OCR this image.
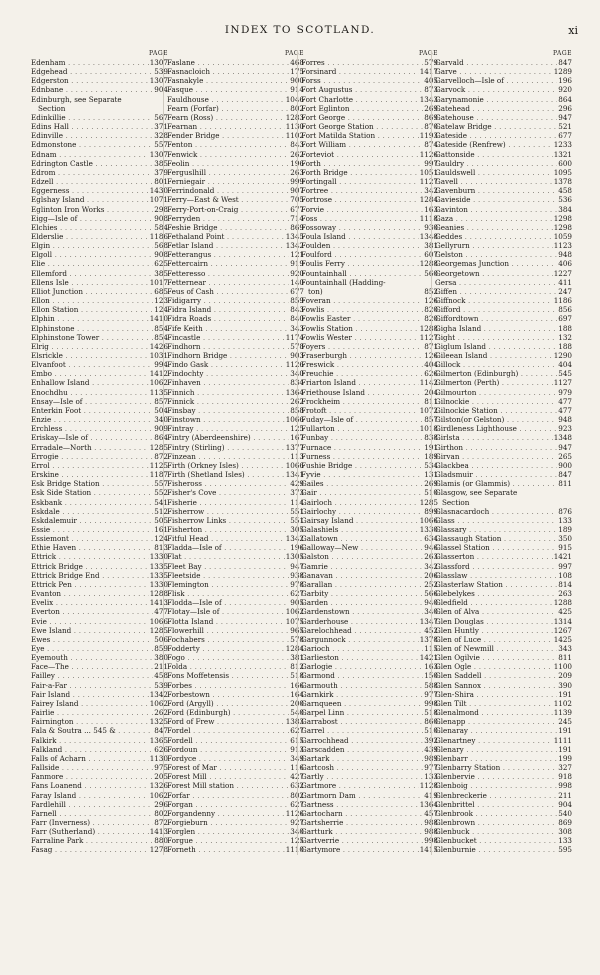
INDEX TO SCOTLAND.	xi
PAGE
Edenham . . .	1307
Edgehead . . .	539
Edgerston . . .	1307
Ednbane . . .	904
Edinburgh, see Separate
Section
Edinkillie . . .	567
Edins Hall . . .	371
Edinville . . .	328
Edmonstone . . .	557
Ednam . . .	1307
Edrington Castle . . .	385
Edrom . . .	379
Edzell . . .	801
Eggerness . . .	1430
Eglshay Island . . .	1071
Eglinton Iron Works . . .	298
Eigg—Isle of . . .	908
Elchies . . .	584
Elderslie . . .	1186
Elgin . . .	568
Elgoll . . .	908
Elie . . .	625
Ellemford . . .	385
Ellens Isle . . .	1017
Elliot Junction . . .	685
Ellon . . .	123
Ellon Station . . .	124
Elphin . . .	1410
Elphinstone . . .	854
Elphinstone Tower . . .	854
Elrig . . .	1426
Elsrickle . . .	1031
Elvanfoot . . .	994
Embo . . .	1412
Enhallow Island . . .	1062
Enochdhu . . .	1135
Ensay—Isle of . . .	857
Enterkin Foot . . .	504
Enzie . . .	340
Erchless . . .	909
Eriskay—Isle of . . .	864
Erradale—North . . .	1285
Errogie . . .	872
Errol . . .	1125
Erskine . . .	1187
Esk Bridge Station . . .	557
Esk Side Station . . .	552
Eskbank . . .	541
Eskdale . . .	512
Eskdalemuir . . .	505
Essie . . .	161
Essiemont . . .	124
Ethie Haven . . .	813
Ettrick . . .	1330
Ettrick Bridge . . .	1335
Ettrick Bridge End . . .	1335
Ettrick Pen . . .	1330
Evanton . . .	1288
Evelix . . .	1413
Everton . . .	477
Evie . . .	1066
Ewe Island . . .	1285
Ewes . . .	506
Eye . . .	859
Eyemouth . . .	380
Face—The . . .	211
Failley . . .	458
Fair-a-Far . . .	539
Fair Island . . .	1342
Fairey Island . . .	1062
Fairlie . . .	262
Fairnington . . .	1325
Fala & Soutra ... 545 & . . .	847
Falkirk . . .	1365
Falkland . . .	626
Falls of Acharn . . .	1130
Fallside . . .	975
Fanmore . . .	205
Fans Loanend . . .	1326
Faray Island . . .	1062
Fardlehill . . .	296
Farnell . . .	802
Farr (Inverness) . . .	872
Farr (Sutherland) . . .	1413
Farraline Park . . .	880
Fasag . . .	1278
PAGE
Faslane . . .	468
Fasnacloich . . .	175
Fasnakyle . . .	900
Fasque . . .	914
Fauldhouse . . .	1046
Fearn (Forfar) . . .	802
Fearn (Ross) . . .	1283
Fearnan . . .	1130
Fender Bridge . . .	1102
Fenton . . .	843
Fenwick . . .	262
Feolin . . .	196
Ferguslhill . . .	263
Ferniegair . . .	999
Ferrindonald . . .	907
Ferry—East & West . . .	705
Ferry-Port-on-Craig . . .	677
Ferryden . . .	714
Feshie Bridge . . .	869
Fethaland Point . . .	1345
Fetlar Island . . .	1342
Fetterangus . . .	121
Fettercairn . . .	919
Fetteresso . . .	920
Fetternear . . .	140
Feus of Cash . . .	677
Fidigarry . . .	859
Fidra Island . . .	843
Fidra Roads . . .	840
Fife Keith . . .	343
Fincastle . . .	1174
Findhorn . . .	578
Findhorn Bridge . . .	903
Findo Gask . . .	1126
Findochty . . .	340
Finhaven . . .	834
Finnich . . .	1364
Finnick . . .	262
Finsbay . . .	858
Finstown . . .	1066
Fintray . . .	125
Fintry (Aberdeenshire) . . .	167
Fintry (Stirling) . . .	1377
Finzean . . .	113
Firth (Orkney Isles) . . .	1066
Firth (Shetland Isles) . . .	1341
Fisheross . . .	429
Fisher's Cove . . .	373
Fisherie . . .	114
Fisherrow . . .	551
Fisherrow Links . . .	551
Fisherton . . .	305
Fitful Head . . .	1342
Fladda—Isle of . . .	196
Flat . . .	1305
Fleet Bay . . .	947
Fleetside . . .	938
Flemington . . .	978
Flisk . . .	627
Flodda—Isle of . . .	905
Flotay—Isle of . . .	1062
Flotta Island . . .	1075
Flowerhill . . .	965
Fochabers . . .	578
Fodderty . . .	1284
Fogo . . .	381
Folda . . .	812
Fons Moffetensis . . .	518
Forbes . . .	166
Forbestown . . .	164
Ford (Argyll) . . .	200
Ford (Edinburgh) . . .	540
Ford of Frew . . .	1383
Fordel . . .	627
Fordell . . .	615
Fordoun . . .	913
Fordyce . . .	349
Forest of Mar . . .	116
Forest Mill . . .	427
Forest Mill station . . .	632
Forfar . . .	802
Forgan . . .	627
Forgandenny . . .	1126
Forgieburn . . .	927
Forglen . . .	340
Forgue . . .	125
Forneth . . .	1110
PAGE
Forres . . .	579
Forsinard . . .	1417
Forss . . .	405
Fort Augustus . . .	873
Fort Charlotte . . .	1343
Fort Eglinton . . .	269
Fort George . . .	869
Fort George Station . . .	870
Fort Matilda Station . . .	1193
Fort William . . .	874
Forteviot . . .	1126
Forth . . .	997
Forth Bridge . . .	1051
Fortingall . . .	1127
Fortree . . .	342
Fortrose . . .	1284
Forvie . . .	163
Foss . . .	1118
Fossoway . . .	930
Foula Island . . .	1348
Foulden . . .	381
Foulford . . .	607
Foulis Ferry . . .	1288
Fountainhall . . .	560
Fountainhall (Hadding-
ton)	852
Foveran . . .	126
Fowlis . . .	820
Fowlis Easter . . .	820
Fowlis Station . . .	1288
Fowlis Wester . . .	1127
Foyers . . .	871
Fraserburgh . . .	126
Freswick . . .	404
Freuchie . . .	626
Friarton Island . . .	1142
Friethouse Island . . .	204
Frockheim . . .	811
Frotoft . . .	1072
Fuday—Isle of . . .	857
Fullarton . . .	1018
Funbay . . .	838
Furnace . . .	191
Furness . . .	189
Fushie Bridge . . .	534
Fyvie . . .	131
Gailes . . .	269
Gair . . .	510
Gairloch . . .	1285
Gairlochy . . .	899
Gairsay Island . . .	1066
Galashiels . . .	1330
Gallatown . . .	634
Galloway—New . . .	946
Galston . . .	263
Gamrie . . .	342
Ganavan . . .	206
Garallan . . .	252
Garbity . . .	566
Garden . . .	940
Gardenstown . . .	340
Garderhouse . . .	1347
Garelochhead . . .	452
Gargunnock . . .	1378
Garioch . . .	115
Garlieston . . .	1421
Garlogie . . .	163
Garmond . . .	150
Garmouth . . .	588
Garnkirk . . .	977
Garnqueen . . .	998
Garpel Linn . . .	518
Garrabost . . .	860
Garrel . . .	510
Garrochhead . . .	392
Garscadden . . .	439
Gartark . . .	989
Gartcosh . . .	977
Gartly . . .	133
Gartmore . . .	1128
Gartmorn Dam . . .	419
Gartness . . .	1364
Gartocharn . . .	457
Gartsherrie . . .	988
Gartturk . . .	988
Gartverrie . . .	998
Gartymore . . .	1415
PAGE
Garvald . . .	847
Garve . . .	1289
Garvelloch—Isle of . . .	196
Garvock . . .	920
Garynamonie . . .	864
Gatehead . . .	296
Gatehouse . . .	947
Gatelaw Bridge . . .	521
Gateside . . .	677
Gateside (Renfrew) . . .	1233
Gattonside . . .	1321
Gauldry . . .	600
Gauldswell . . .	1095
Gavell . . .	1378
Gavenburn . . .	458
Gavieside . . .	536
Gavinton . . .	384
Gaza . . .	1298
Geanies . . .	1298
Geddes . . .	1059
Gellyrurn . . .	1123
Gelston . . .	948
Georgemas Junction . . .	406
Georgetown . . .	1227
Gersa . . .	411
Giffen . . .	247
Giffnock . . .	1186
Gifford . . .	856
Giffordtown . . .	697
Gigha Island . . .	188
Gight . . .	132
Giglum Island . . .	188
Gileean Island . . .	1290
Gillock . . .	404
Gilmerton (Edinburgh) . . .	545
Gilmerton (Perth) . . .	1127
Gilmourton . . .	979
Gilnockie . . .	477
Gilnockie Station . . .	477
Gilston(or Gelston) . . .	948
Girdleness Lighthouse . . .	923
Girlsta . . .	1348
Girthon . . .	947
Girvan . . .	265
Glackbea . . .	900
Gladsmuir . . .	847
Glamis (or Glammis) . . .	811
Glasgow, see Separate
Section
Glasnacardoch . . .	876
Glass . . .	133
Glassary . . .	189
Glassaugh Station . . .	350
Glassel Station . . .	915
Glasserton . . .	1421
Glassford . . .	997
Glasslaw . . .	108
Glasterlaw Station . . .	814
Glebelykes . . .	263
Gledfield . . .	1288
Glen of Alva . . .	425
Glen Douglas . . .	1314
Glen Huntly . . .	1267
Glen of Luce . . .	1425
Glen of Newmill . . .	343
Glen Ogilvie . . .	811
Glen Ogle . . .	1100
Glen Saddell . . .	209
Glen Sannox . . .	390
Glen-Shira . . .	191
Glen Tilt . . .	1102
Glenalmond . . .	1139
Glenapp . . .	245
Glenaray . . .	191
Glenartney . . .	1111
Glenary . . .	191
Glenbarr . . .	199
Glenbarry Station . . .	327
Glenbervie . . .	918
Glenboig . . .	998
Glenbreckerie . . .	211
Glenbrittel . . .	904
Glenbrook . . .	540
Glenbrown . . .	869
Glenbuck . . .	308
Glenbucket . . .	133
Glenburnie . . .	595
